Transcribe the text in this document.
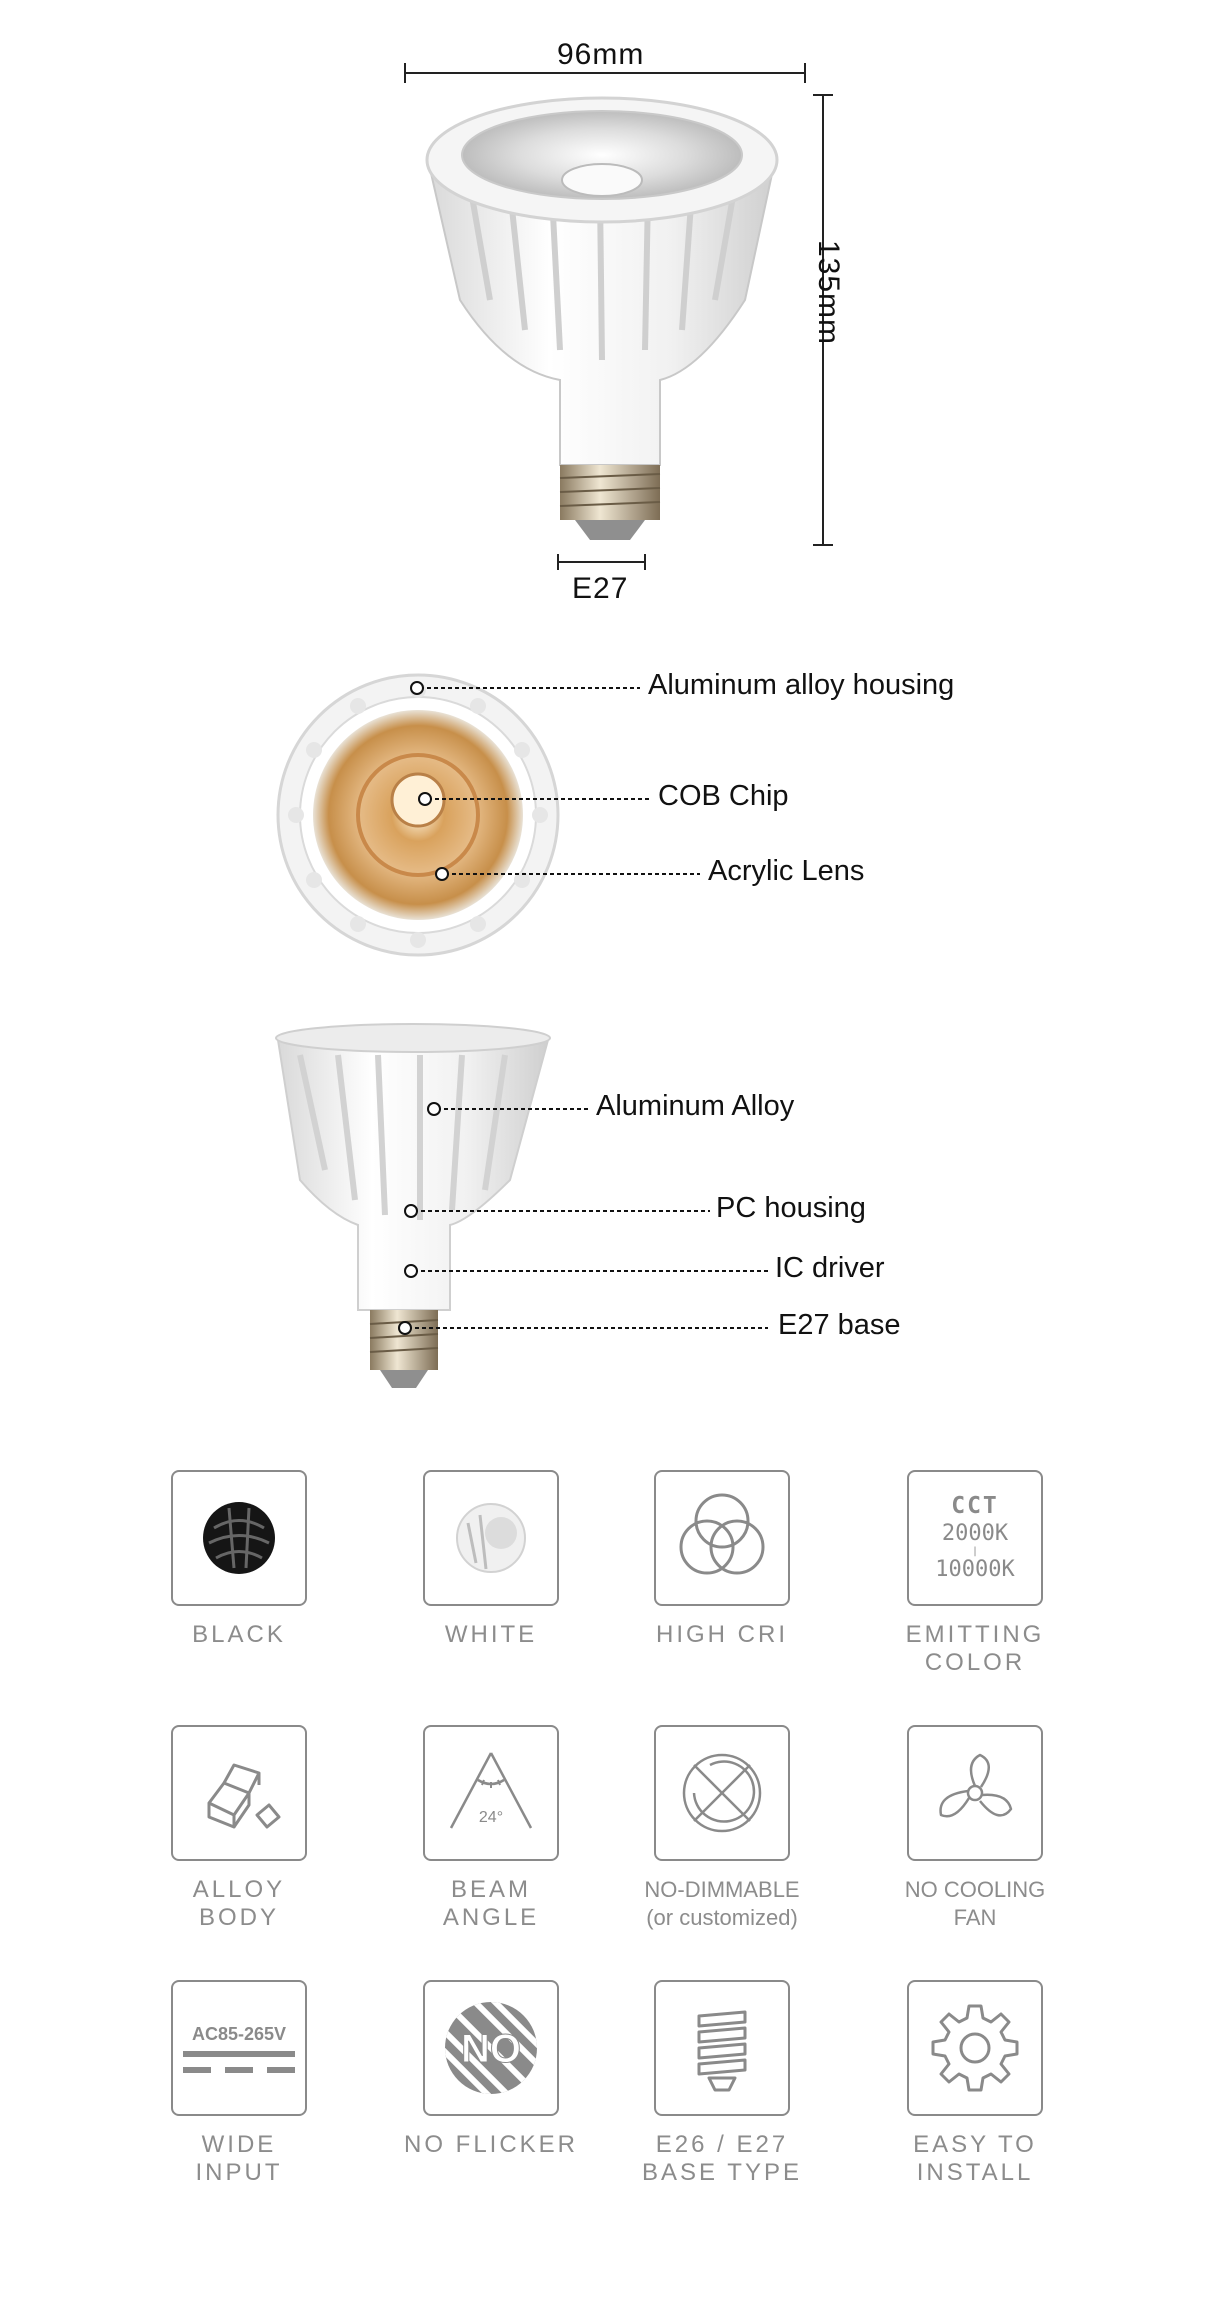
96mm
135mm
E27
Aluminum alloy housing
COB Chip
Acrylic Lens
Aluminum Alloy
PC housing
IC driver
E27 base
BLACK	WHITE	HIGH CRI
CCT
2000K
|
10000K
EMITTING
COLOR
ALLOY
BODY
24°
BEAM
ANGLE
NO-DIMMABLE
(or customized)
NO COOLING
FAN
AC85-265V
WIDE
INPUT
NO
NO FLICKER	E26 / E27
BASE TYPE
EASY TO
INSTALL
